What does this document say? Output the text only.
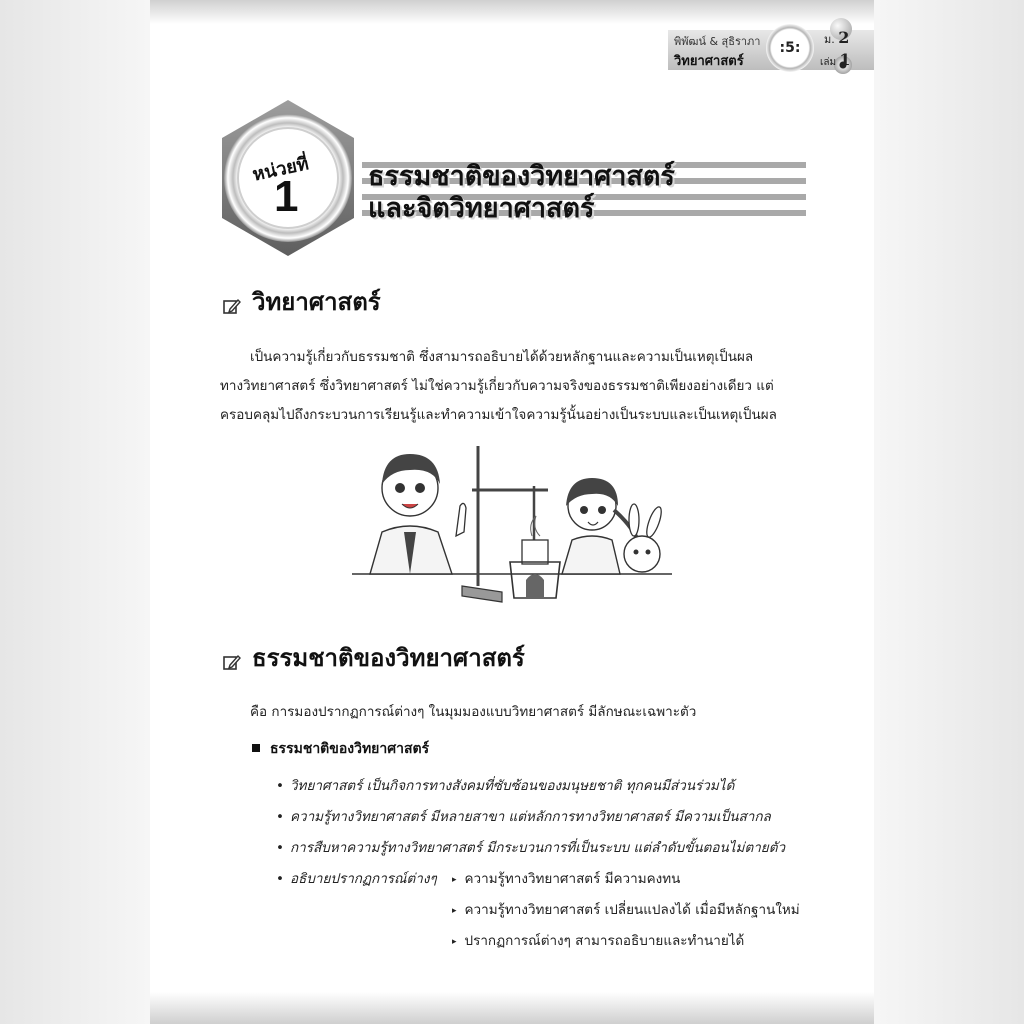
พิพัฒน์ & สุธิราภา
วิทยาศาสตร์
:5:
ม. 2
เล่ม 1
หน่วยที่
1	ธรรมชาติของวิทยาศาสตร์
และจิตวิทยาศาสตร์
วิทยาศาสตร์
เป็นความรู้เกี่ยวกับธรรมชาติ ซึ่งสามารถอธิบายได้ด้วยหลักฐานและความเป็นเหตุเป็นผล
ทางวิทยาศาสตร์ ซึ่งวิทยาศาสตร์ ไม่ใช่ความรู้เกี่ยวกับความจริงของธรรมชาติเพียงอย่างเดียว แต่
ครอบคลุมไปถึงกระบวนการเรียนรู้และทำความเข้าใจความรู้นั้นอย่างเป็นระบบและเป็นเหตุเป็นผล
ธรรมชาติของวิทยาศาสตร์
คือ การมองปรากฏการณ์ต่างๆ ในมุมมองแบบวิทยาศาสตร์ มีลักษณะเฉพาะตัว
ธรรมชาติของวิทยาศาสตร์
• วิทยาศาสตร์ เป็นกิจการทางสังคมที่ซับซ้อนของมนุษยชาติ ทุกคนมีส่วนร่วมได้
• ความรู้ทางวิทยาศาสตร์ มีหลายสาขา แต่หลักการทางวิทยาศาสตร์ มีความเป็นสากล
• การสืบหาความรู้ทางวิทยาศาสตร์ มีกระบวนการที่เป็นระบบ แต่ลำดับขั้นตอนไม่ตายตัว
• อธิบายปรากฏการณ์ต่างๆ
▸	ความรู้ทางวิทยาศาสตร์ มีความคงทน
▸ ความรู้ทางวิทยาศาสตร์ เปลี่ยนแปลงได้ เมื่อมีหลักฐานใหม่
▸ ปรากฏการณ์ต่างๆ สามารถอธิบายและทำนายได้
